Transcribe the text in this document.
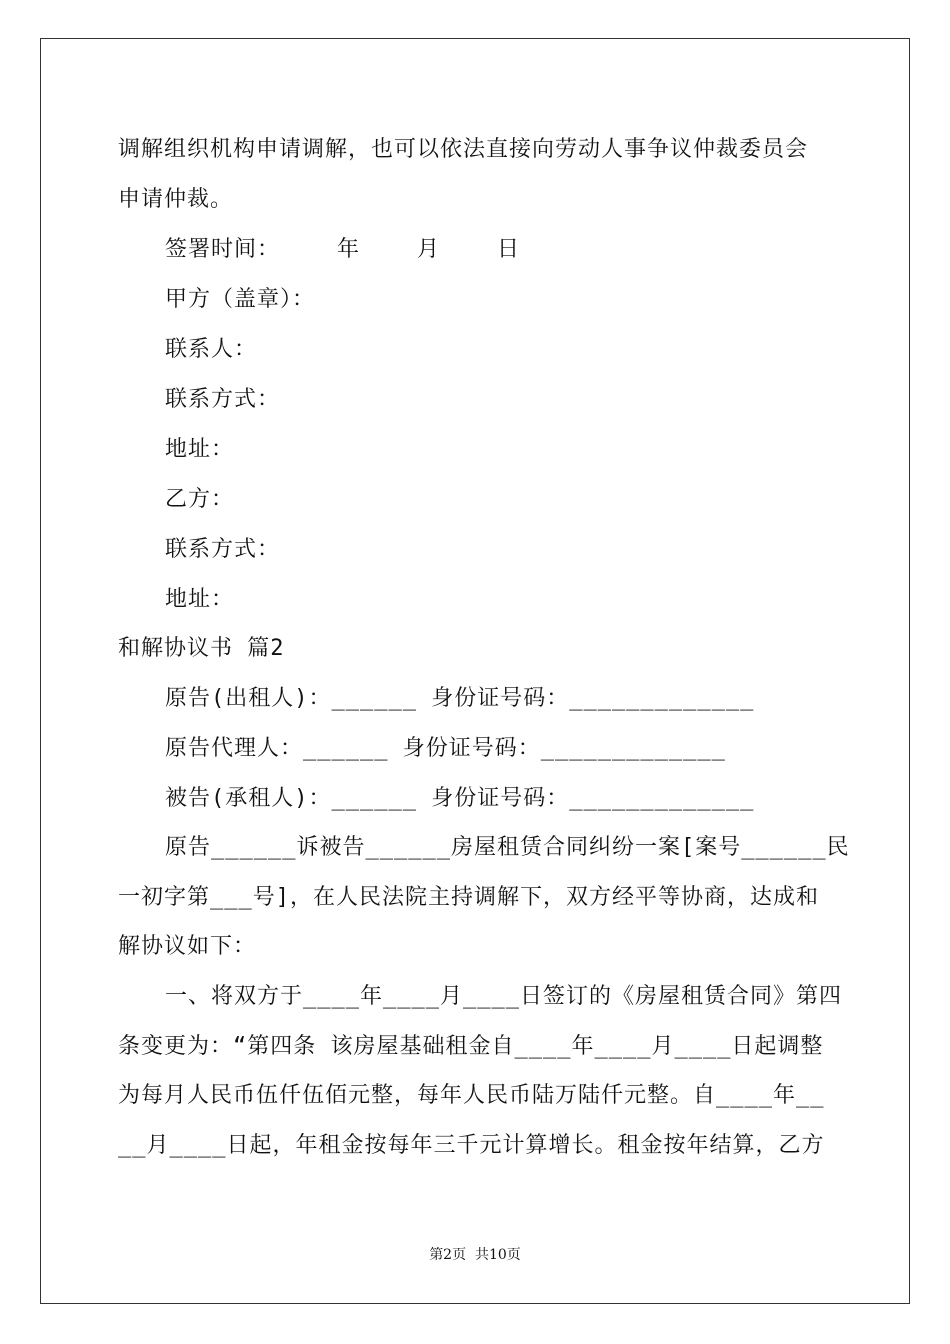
调解组织机构申请调解，也可以依法直接向劳动人事争议仲裁委员会
申请仲裁。
签署时间：    年    月    日
甲方（盖章）：
联系人：
联系方式：
地址：
乙方：
联系方式：
地址：
和解协议书 篇2
原告(出租人)：______ 身份证号码：_____________
原告代理人：______ 身份证号码：_____________
被告(承租人)：______ 身份证号码：_____________
原告______诉被告______房屋租赁合同纠纷一案[案号______民
一初字第___号]，在人民法院主持调解下，双方经平等协商，达成和
解协议如下：
一、将双方于____年____月____日签订的《房屋租赁合同》第四
条变更为：“第四条 该房屋基础租金自____年____月____日起调整
为每月人民币伍仟伍佰元整，每年人民币陆万陆仟元整。自____年__
__月____日起，年租金按每年三千元计算增长。租金按年结算，乙方
第2页  共10页
